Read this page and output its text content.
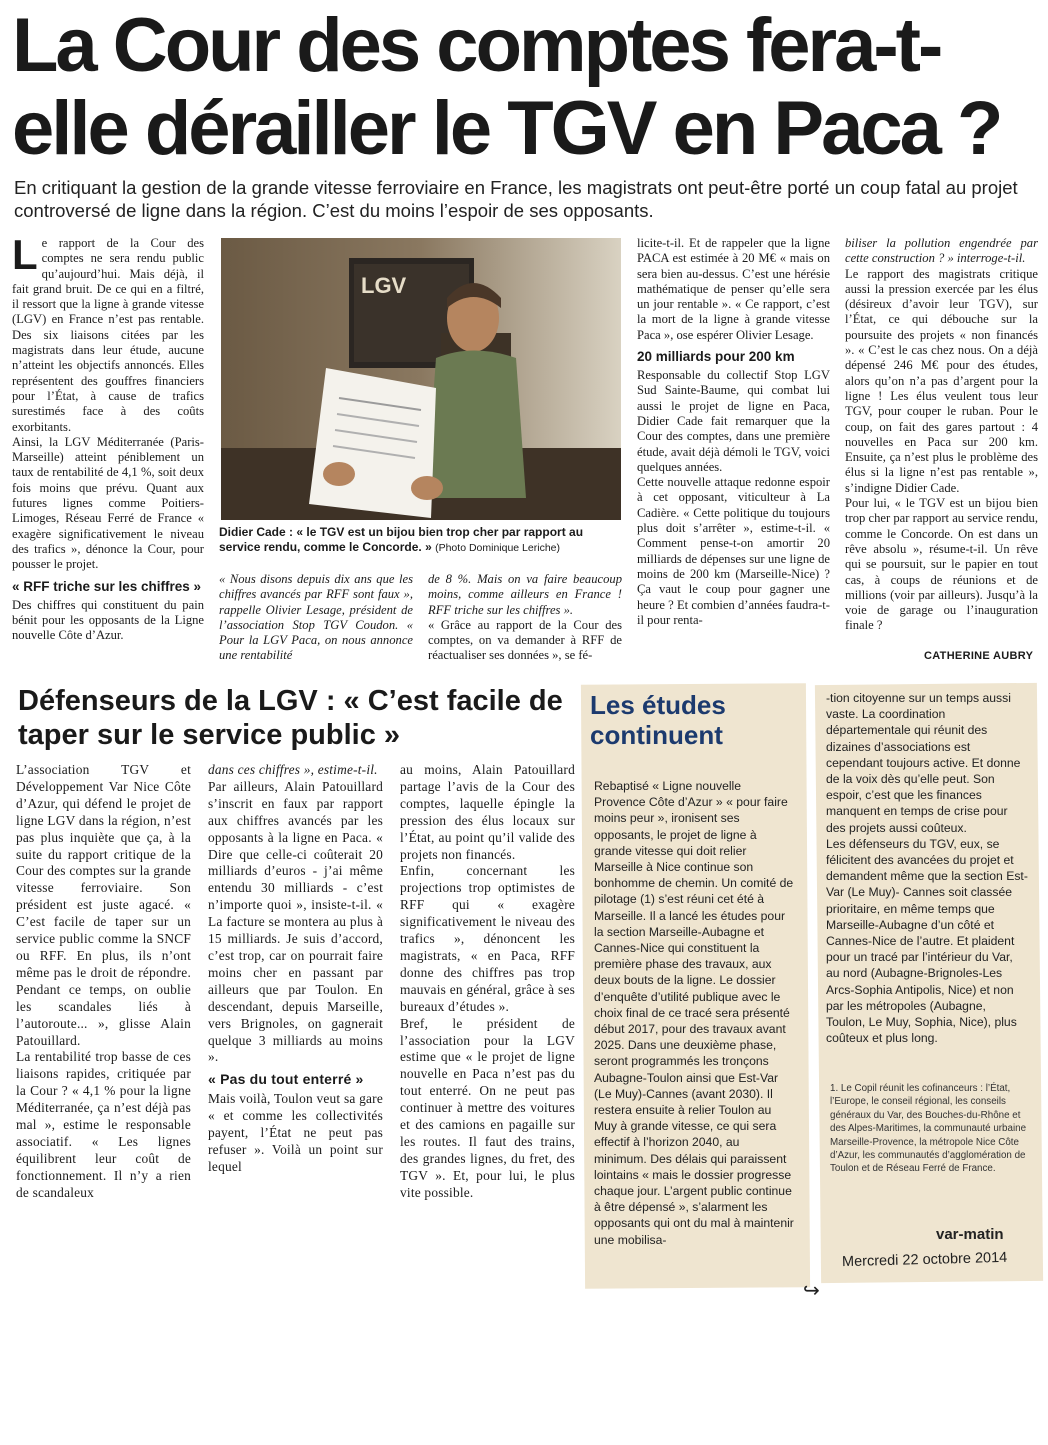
La Cour des comptes fera-t-elle dérailler le TGV en Paca ?

En critiquant la gestion de la grande vitesse ferroviaire en France, les magistrats ont peut-être porté un coup fatal au projet controversé de ligne dans la région. C’est du moins l’espoir de ses opposants.

Le rapport de la Cour des comptes ne sera rendu public qu’aujourd’hui. Mais déjà, il fait grand bruit. De ce qui en a filtré, il ressort que la ligne à grande vitesse (LGV) en France n’est pas rentable. Des six liaisons citées par les magistrats dans leur étude, aucune n’atteint les objectifs annoncés. Elles représentent des gouffres financiers pour l’État, à cause de trafics surestimés face à des coûts exorbitants.

Ainsi, la LGV Méditerranée (Paris-Marseille) atteint péniblement un taux de rentabilité de 4,1 %, soit deux fois moins que prévu. Quant aux futures lignes comme Poitiers-Limoges, Réseau Ferré de France « exagère significativement le niveau des trafics », dénonce la Cour, pour pousser le projet.

« RFF triche sur les chiffres »

Des chiffres qui constituent du pain bénit pour les opposants de la Ligne nouvelle Côte d’Azur.

LGV
Didier Cade : « le TGV est un bijou bien trop cher par rapport au service rendu, comme le Concorde. » (Photo Dominique Leriche)

« Nous disons depuis dix ans que les chiffres avancés par RFF sont faux », rappelle Olivier Lesage, président de l’association Stop TGV Coudon. « Pour la LGV Paca, on nous annonce une rentabilité

de 8 %. Mais on va faire beaucoup moins, comme ailleurs en France ! RFF triche sur les chiffres ».

« Grâce au rapport de la Cour des comptes, on va demander à RFF de réactualiser ses données », se fé-

licite-t-il. Et de rappeler que la ligne PACA est estimée à 20 M€ « mais on sera bien au-dessus. C’est une hérésie mathématique de penser qu’elle sera un jour rentable ». « Ce rapport, c’est la mort de la ligne à grande vitesse Paca », ose espérer Olivier Lesage.

20 milliards pour 200 km

Responsable du collectif Stop LGV Sud Sainte-Baume, qui combat lui aussi le projet de ligne en Paca, Didier Cade fait remarquer que la Cour des comptes, dans une première étude, avait déjà démoli le TGV, voici quelques années.

Cette nouvelle attaque redonne espoir à cet opposant, viticulteur à La Cadière. « Cette politique du toujours plus doit s’arrêter », estime-t-il. « Comment pense-t-on amortir 20 milliards de dépenses sur une ligne de moins de 200 km (Marseille-Nice) ? Ça vaut le coup pour gagner une heure ? Et combien d’années faudra-t-il pour renta-

biliser la pollution engendrée par cette construction ? » interroge-t-il.

Le rapport des magistrats critique aussi la pression exercée par les élus (désireux d’avoir leur TGV), sur l’État, ce qui débouche sur la poursuite des projets « non financés ». « C’est le cas chez nous. On a déjà dépensé 246 M€ pour des études, alors qu’on n’a pas d’argent pour la ligne ! Les élus veulent tous leur TGV, pour couper le ruban. Pour le coup, on fait des gares partout : 4 nouvelles en Paca sur 200 km. Ensuite, ça n’est plus le problème des élus si la ligne n’est pas rentable », s’indigne Didier Cade.

Pour lui, « le TGV est un bijou bien trop cher par rapport au service rendu, comme le Concorde. On est dans un rêve absolu », résume-t-il. Un rêve qui se poursuit, sur le papier en tout cas, à coups de réunions et de millions (voir par ailleurs). Jusqu’à la voie de garage ou l’inauguration finale ?

CATHERINE AUBRY
Défenseurs de la LGV : « C’est facile de taper sur le service public »

L’association TGV et Développement Var Nice Côte d’Azur, qui défend le projet de ligne LGV dans la région, n’est pas plus inquiète que ça, à la suite du rapport critique de la Cour des comptes sur la grande vitesse ferroviaire. Son président est juste agacé. « C’est facile de taper sur un service public comme la SNCF ou RFF. En plus, ils n’ont même pas le droit de répondre. Pendant ce temps, on oublie les scandales liés à l’autoroute... », glisse Alain Patouillard.

La rentabilité trop basse de ces liaisons rapides, critiquée par la Cour ? « 4,1 % pour la ligne Méditerranée, ça n’est déjà pas mal », estime le responsable associatif. « Les lignes équilibrent leur coût de fonctionnement. Il n’y a rien de scandaleux

dans ces chiffres », estime-t-il.

Par ailleurs, Alain Patouillard s’inscrit en faux par rapport aux chiffres avancés par les opposants à la ligne en Paca. « Dire que celle-ci coûterait 20 milliards d’euros - j’ai même entendu 30 milliards - c’est n’importe quoi », insiste-t-il. « La facture se montera au plus à 15 milliards. Je suis d’accord, c’est trop, car on pourrait faire moins cher en passant par ailleurs que par Toulon. En descendant, depuis Marseille, vers Brignoles, on gagnerait quelque 3 milliards au moins ».

« Pas du tout enterré »

Mais voilà, Toulon veut sa gare « et comme les collectivités payent, l’État ne peut pas refuser ». Voilà un point sur lequel

au moins, Alain Patouillard partage l’avis de la Cour des comptes, laquelle épingle la pression des élus locaux sur l’État, au point qu’il valide des projets non financés.

Enfin, concernant les projections trop optimistes de RFF qui « exagère significativement le niveau des trafics », dénoncent les magistrats, « en Paca, RFF donne des chiffres pas trop mauvais en général, grâce à ses bureaux d’études ».

Bref, le président de l’association pour la LGV estime que « le projet de ligne nouvelle en Paca n’est pas du tout enterré. On ne peut pas continuer à mettre des voitures et des camions en pagaille sur les routes. Il faut des trains, des grandes lignes, du fret, des TGV ». Et, pour lui, le plus vite possible.

Les études continuent

Rebaptisé « Ligne nouvelle Provence Côte d’Azur » « pour faire moins peur », ironisent ses opposants, le projet de ligne à grande vitesse qui doit relier Marseille à Nice continue son bonhomme de chemin. Un comité de pilotage (1) s’est réuni cet été à Marseille. Il a lancé les études pour la section Marseille-Aubagne et Cannes-Nice qui constituent la première phase des travaux, aux deux bouts de la ligne. Le dossier d’enquête d’utilité publique avec le choix final de ce tracé sera présenté début 2017, pour des travaux avant 2025. Dans une deuxième phase, seront programmés les tronçons Aubagne-Toulon ainsi que Est-Var (Le Muy)-Cannes (avant 2030). Il restera ensuite à relier Toulon au Muy à grande vitesse, ce qui sera effectif à l’horizon 2040, au minimum. Des délais qui paraissent lointains « mais le dossier progresse chaque jour. L’argent public continue à être dépensé », s’alarment les opposants qui ont du mal à maintenir une mobilisa-

-tion citoyenne sur un temps aussi vaste. La coordination départementale qui réunit des dizaines d’associations est cependant toujours active. Et donne de la voix dès qu’elle peut. Son espoir, c’est que les finances manquent en temps de crise pour des projets aussi coûteux.

Les défenseurs du TGV, eux, se félicitent des avancées du projet et demandent même que la section Est-Var (Le Muy)- Cannes soit classée prioritaire, en même temps que Marseille-Aubagne d’un côté et Cannes-Nice de l’autre. Et plaident pour un tracé par l’intérieur du Var, au nord (Aubagne-Brignoles-Les Arcs-Sophia Antipolis, Nice) et non par les métropoles (Aubagne, Toulon, Le Muy, Sophia, Nice), plus coûteux et plus long.

1. Le Copil réunit les cofinanceurs : l’État, l’Europe, le conseil régional, les conseils généraux du Var, des Bouches-du-Rhône et des Alpes-Maritimes, la communauté urbaine Marseille-Provence, la métropole Nice Côte d’Azur, les communautés d’agglomération de Toulon et de Réseau Ferré de France.

var-matin
Mercredi 22 octobre 2014
↪
